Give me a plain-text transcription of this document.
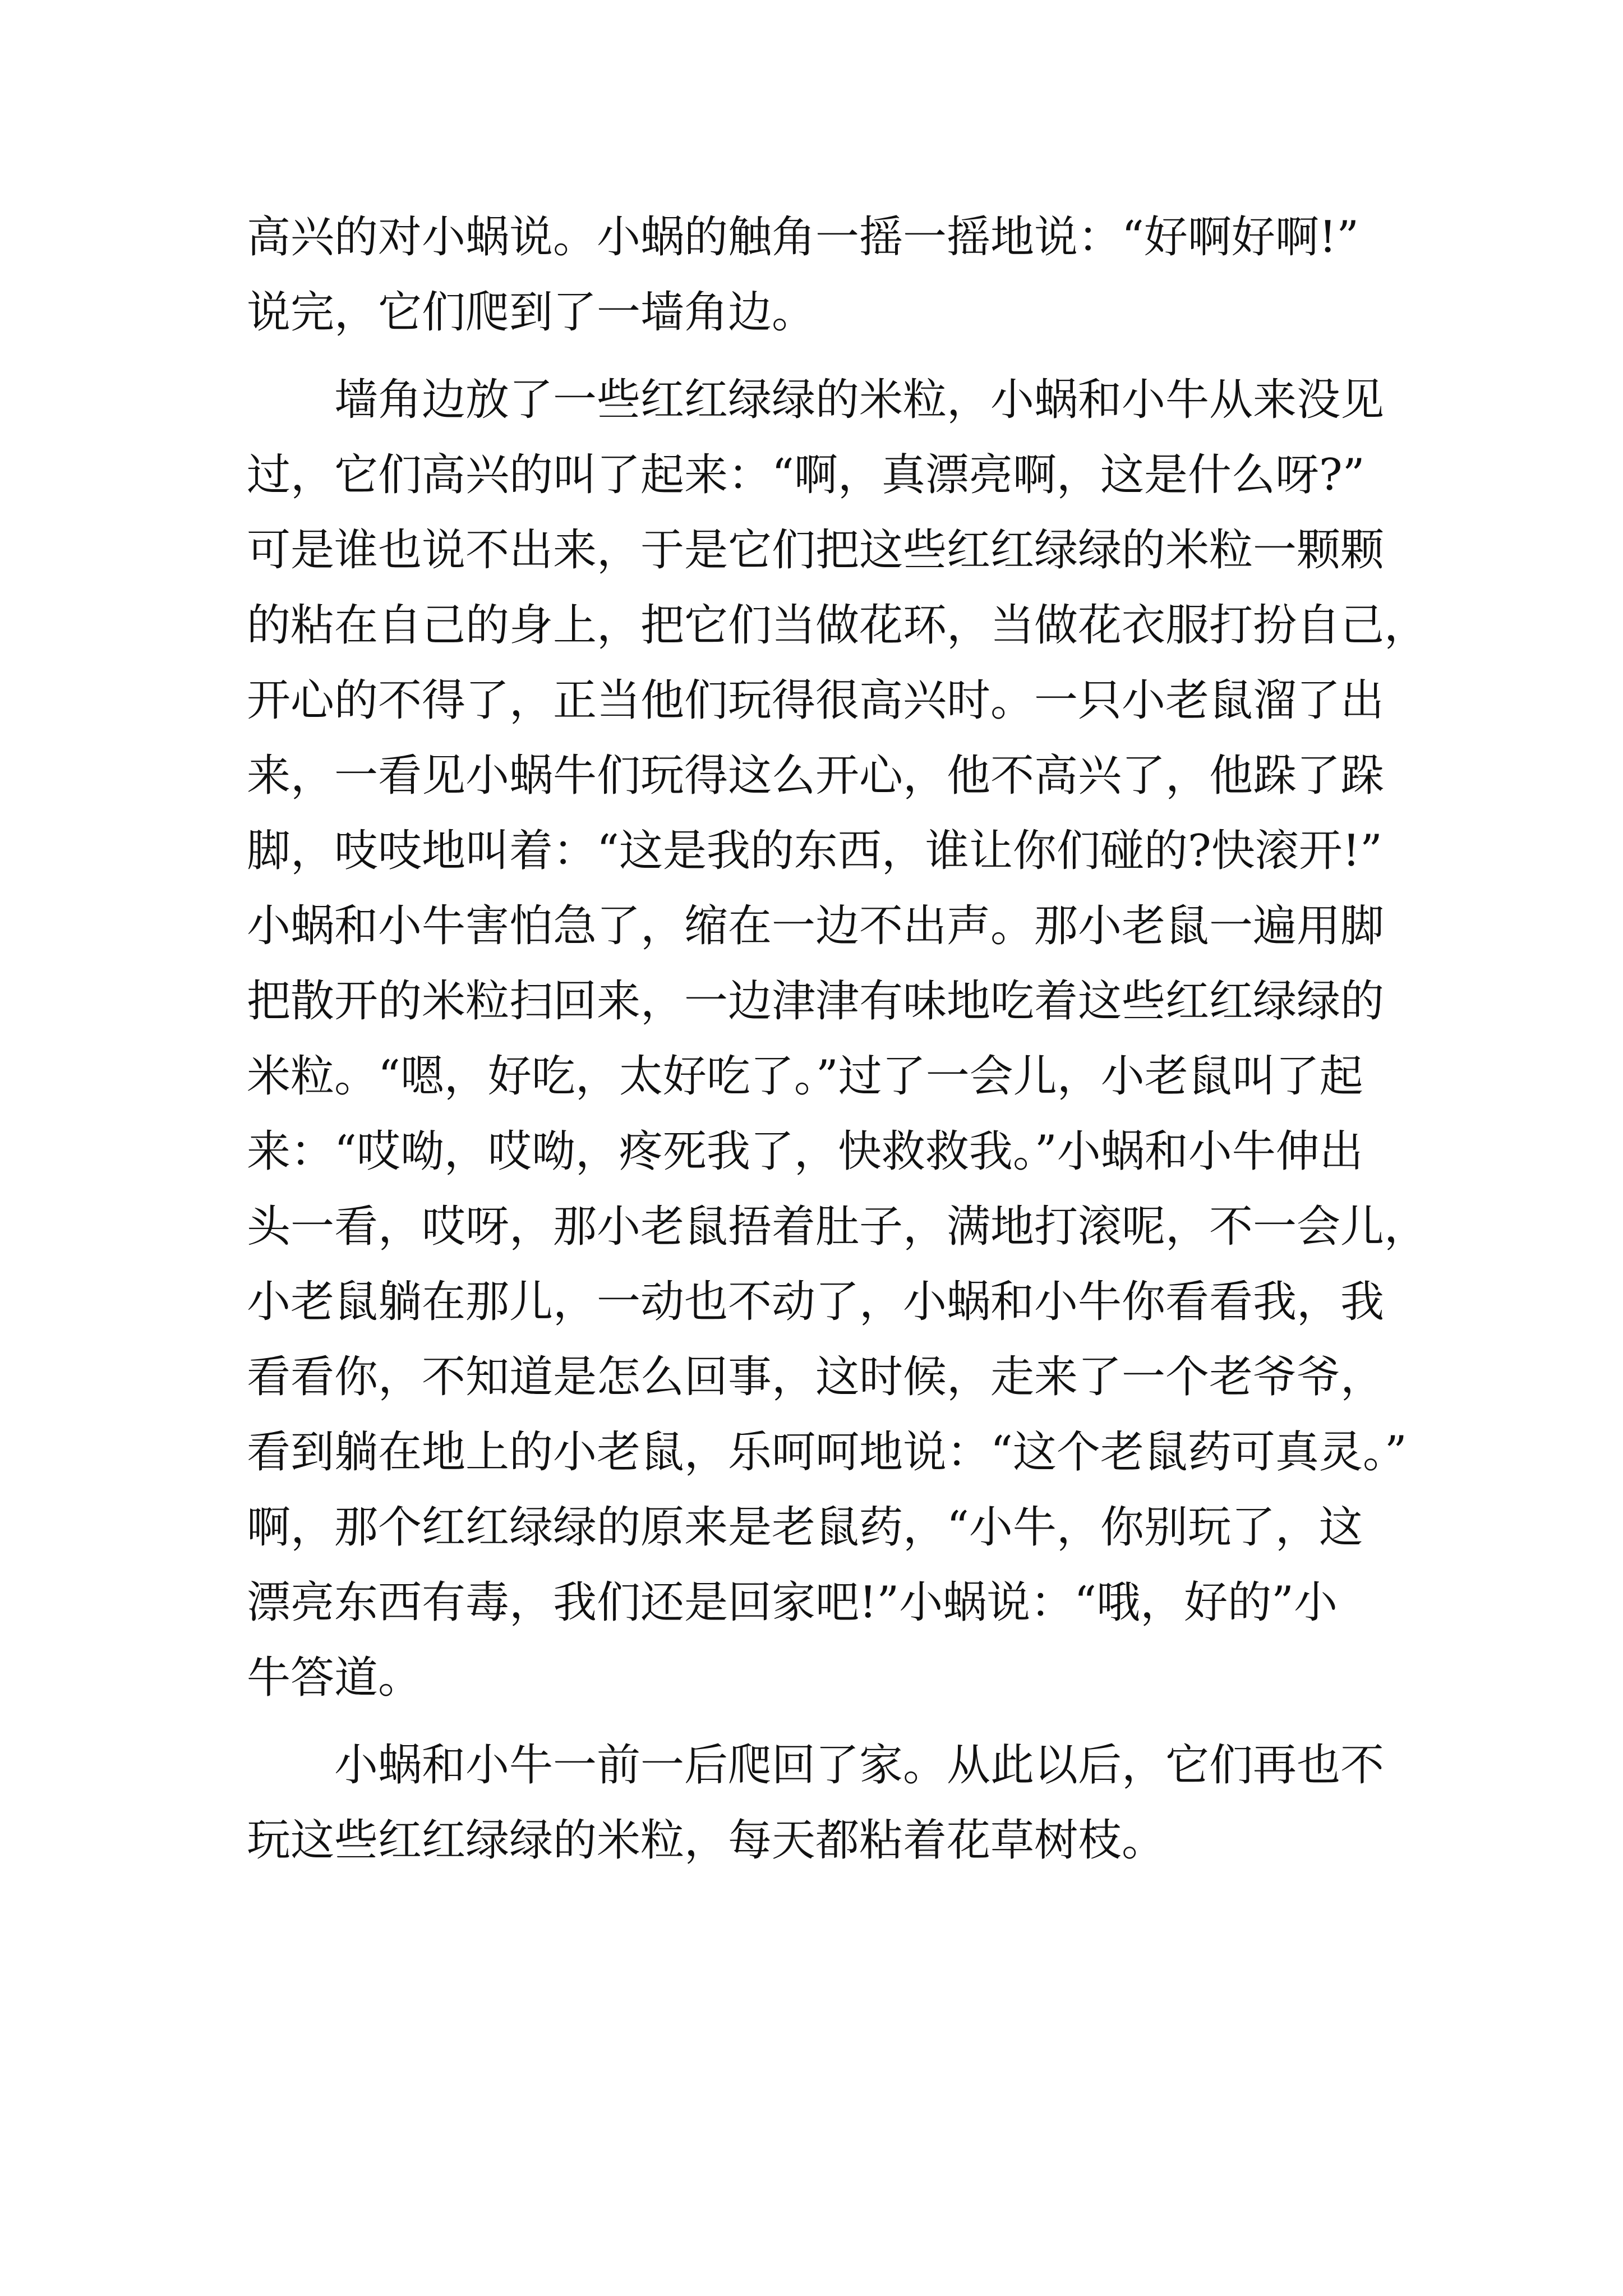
高兴的对小蜗说。小蜗的触角一摇一摇地说：“好啊好啊!”
说完，它们爬到了一墙角边。
墙角边放了一些红红绿绿的米粒，小蜗和小牛从来没见
过，它们高兴的叫了起来：“啊，真漂亮啊，这是什么呀?”
可是谁也说不出来，于是它们把这些红红绿绿的米粒一颗颗
的粘在自己的身上，把它们当做花环，当做花衣服打扮自己，
开心的不得了，正当他们玩得很高兴时。一只小老鼠溜了出
来，一看见小蜗牛们玩得这么开心，他不高兴了，他跺了跺
脚，吱吱地叫着：“这是我的东西，谁让你们碰的?快滚开!”
小蜗和小牛害怕急了，缩在一边不出声。那小老鼠一遍用脚
把散开的米粒扫回来，一边津津有味地吃着这些红红绿绿的
米粒。“嗯，好吃，太好吃了。”过了一会儿，小老鼠叫了起
来：“哎呦，哎呦，疼死我了，快救救我。”小蜗和小牛伸出
头一看，哎呀，那小老鼠捂着肚子，满地打滚呢，不一会儿，
小老鼠躺在那儿，一动也不动了，小蜗和小牛你看看我，我
看看你，不知道是怎么回事，这时候，走来了一个老爷爷，
看到躺在地上的小老鼠，乐呵呵地说：“这个老鼠药可真灵。”
啊，那个红红绿绿的原来是老鼠药，“小牛，你别玩了，这
漂亮东西有毒，我们还是回家吧!”小蜗说：“哦，好的”小
牛答道。
小蜗和小牛一前一后爬回了家。从此以后，它们再也不
玩这些红红绿绿的米粒，每天都粘着花草树枝。
